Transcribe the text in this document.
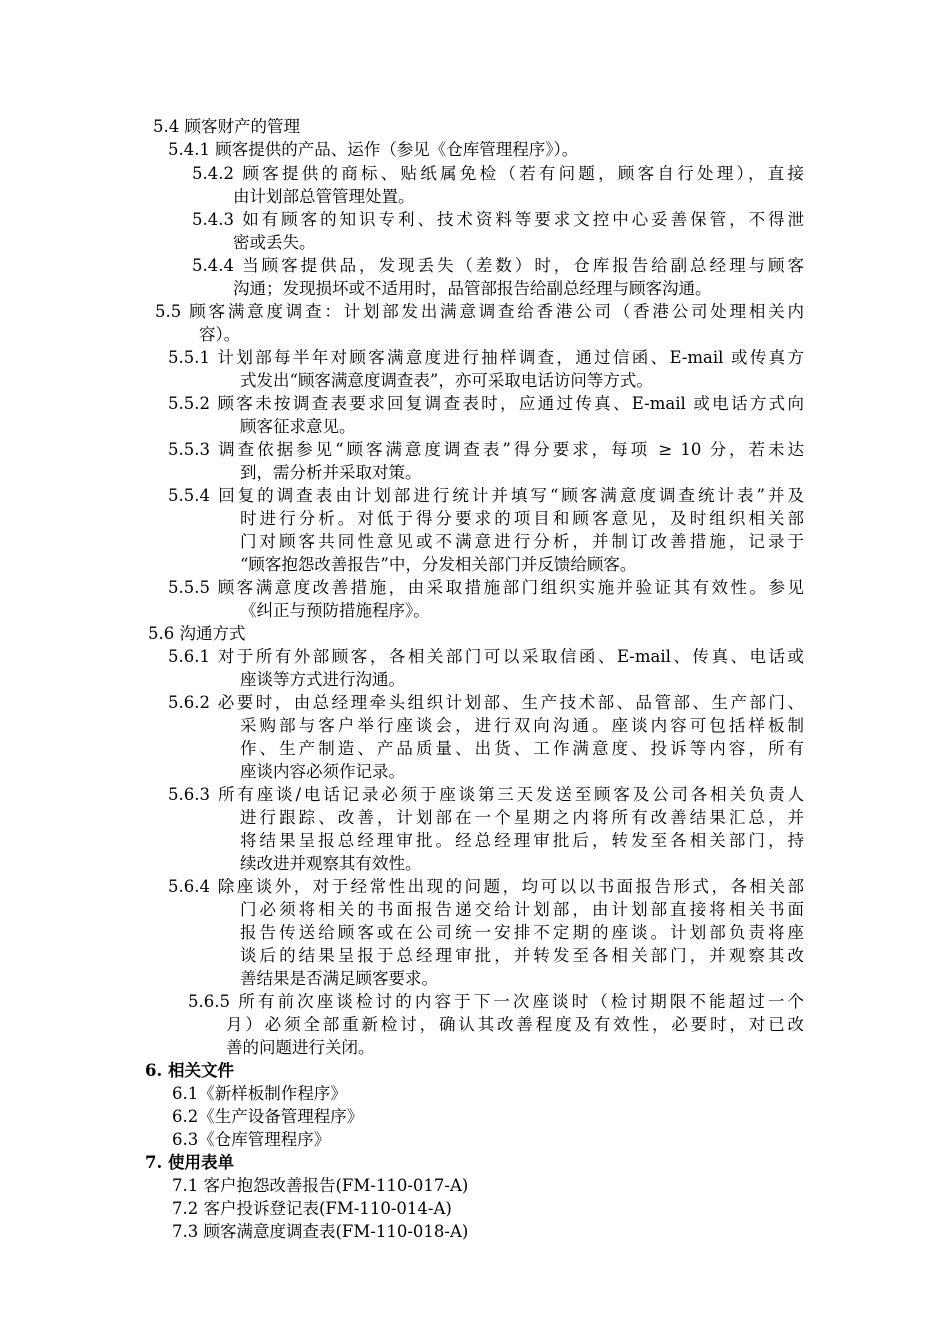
5.4 顾客财产的管理
5.4.1 顾客提供的产品、运作（参见《仓库管理程序》）。
5.4.2 顾客提供的商标、贴纸属免检（若有问题，顾客自行处理），直接
由计划部总管管理处置。
5.4.3 如有顾客的知识专利、技术资料等要求文控中心妥善保管，不得泄
密或丢失。
5.4.4 当顾客提供品，发现丢失（差数）时，仓库报告给副总经理与顾客
沟通；发现损坏或不适用时，品管部报告给副总经理与顾客沟通。
5.5 顾客满意度调查：计划部发出满意调查给香港公司（香港公司处理相关内
容）。
5.5.1 计划部每半年对顾客满意度进行抽样调查，通过信函、E-mail 或传真方
式发出“顾客满意度调查表”，亦可采取电话访问等方式。
5.5.2 顾客未按调查表要求回复调查表时，应通过传真、E-mail 或电话方式向
顾客征求意见。
5.5.3 调查依据参见“顾客满意度调查表”得分要求，每项 ≥ 10 分，若未达
到，需分析并采取对策。
5.5.4 回复的调查表由计划部进行统计并填写“顾客满意度调查统计表”并及
时进行分析。对低于得分要求的项目和顾客意见，及时组织相关部
门对顾客共同性意见或不满意进行分析，并制订改善措施，记录于
“顾客抱怨改善报告”中，分发相关部门并反馈给顾客。
5.5.5 顾客满意度改善措施，由采取措施部门组织实施并验证其有效性。参见
《纠正与预防措施程序》。
5.6 沟通方式
5.6.1 对于所有外部顾客，各相关部门可以采取信函、E-mail、传真、电话或
座谈等方式进行沟通。
5.6.2 必要时，由总经理牵头组织计划部、生产技术部、品管部、生产部门、
采购部与客户举行座谈会，进行双向沟通。座谈内容可包括样板制
作、生产制造、产品质量、出货、工作满意度、投诉等内容，所有
座谈内容必须作记录。
5.6.3 所有座谈/电话记录必须于座谈第三天发送至顾客及公司各相关负责人
进行跟踪、改善，计划部在一个星期之内将所有改善结果汇总，并
将结果呈报总经理审批。经总经理审批后，转发至各相关部门，持
续改进并观察其有效性。
5.6.4 除座谈外，对于经常性出现的问题，均可以以书面报告形式，各相关部
门必须将相关的书面报告递交给计划部，由计划部直接将相关书面
报告传送给顾客或在公司统一安排不定期的座谈。计划部负责将座
谈后的结果呈报于总经理审批，并转发至各相关部门，并观察其改
善结果是否满足顾客要求。
5.6.5 所有前次座谈检讨的内容于下一次座谈时（检讨期限不能超过一个
月）必须全部重新检讨，确认其改善程度及有效性，必要时，对已改
善的问题进行关闭。
6. 相关文件
6.1《新样板制作程序》
6.2《生产设备管理程序》
6.3《仓库管理程序》
7. 使用表单
7.1 客户抱怨改善报告(FM-110-017-A)
7.2 客户投诉登记表(FM-110-014-A)
7.3 顾客满意度调查表(FM-110-018-A)
